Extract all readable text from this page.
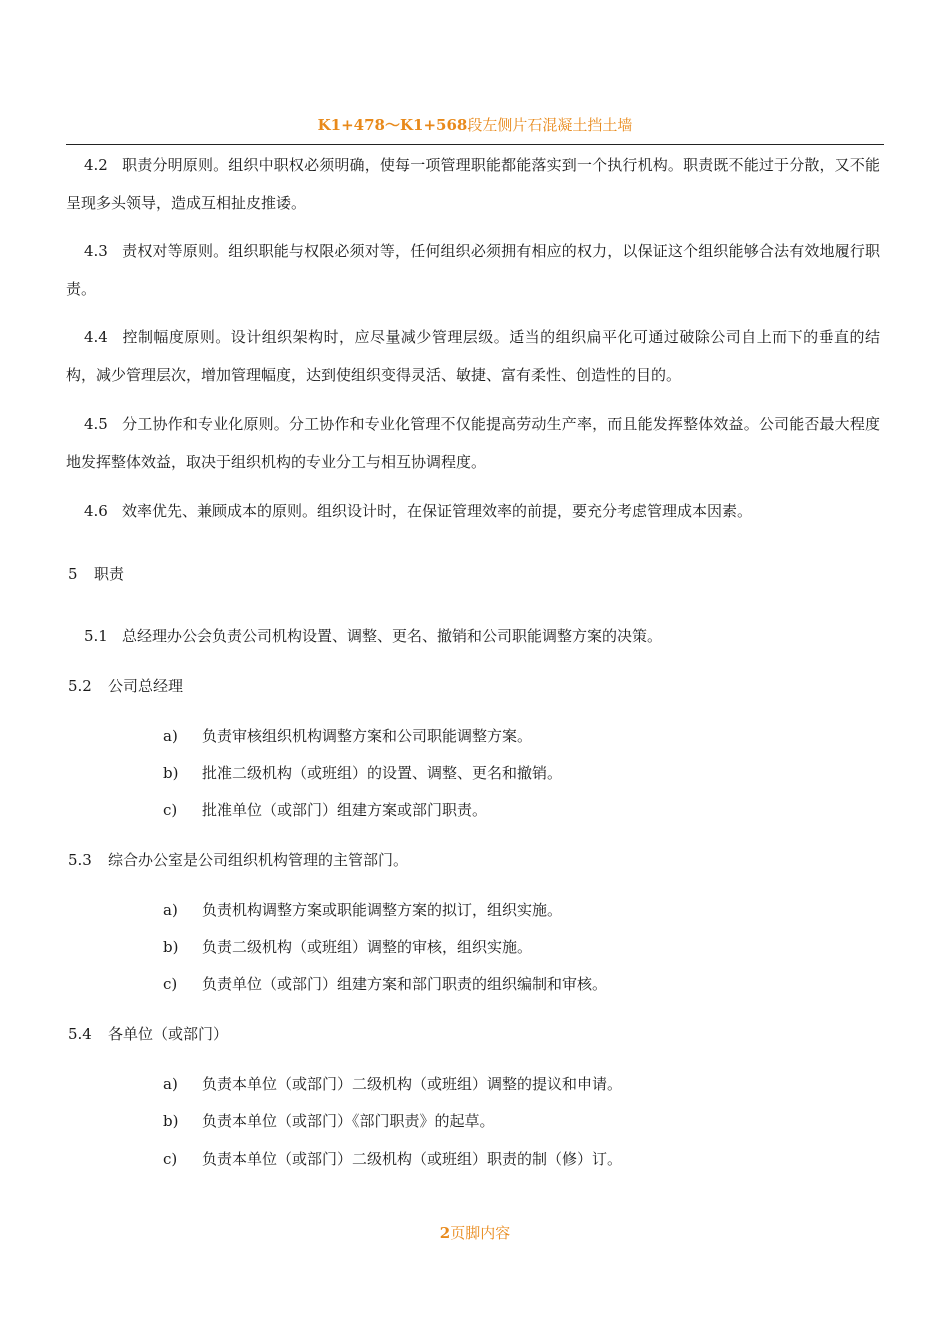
K1+478～K1+568段左侧片石混凝土挡土墙
4.2 职责分明原则。组织中职权必须明确，使每一项管理职能都能落实到一个执行机构。职责既不能过于分散，又不能呈现多头领导，造成互相扯皮推诿。
4.3 责权对等原则。组织职能与权限必须对等，任何组织必须拥有相应的权力，以保证这个组织能够合法有效地履行职责。
4.4 控制幅度原则。设计组织架构时，应尽量减少管理层级。适当的组织扁平化可通过破除公司自上而下的垂直的结构，减少管理层次，增加管理幅度，达到使组织变得灵活、敏捷、富有柔性、创造性的目的。
4.5 分工协作和专业化原则。分工协作和专业化管理不仅能提高劳动生产率，而且能发挥整体效益。公司能否最大程度地发挥整体效益，取决于组织机构的专业分工与相互协调程度。
4.6 效率优先、兼顾成本的原则。组织设计时，在保证管理效率的前提，要充分考虑管理成本因素。
5 职责
5.1 总经理办公会负责公司机构设置、调整、更名、撤销和公司职能调整方案的决策。
5.2 公司总经理
a) 负责审核组织机构调整方案和公司职能调整方案。
b) 批准二级机构（或班组）的设置、调整、更名和撤销。
c) 批准单位（或部门）组建方案或部门职责。
5.3 综合办公室是公司组织机构管理的主管部门。
a) 负责机构调整方案或职能调整方案的拟订，组织实施。
b) 负责二级机构（或班组）调整的审核，组织实施。
c) 负责单位（或部门）组建方案和部门职责的组织编制和审核。
5.4 各单位（或部门）
a) 负责本单位（或部门）二级机构（或班组）调整的提议和申请。
b) 负责本单位（或部门）《部门职责》的起草。
c) 负责本单位（或部门）二级机构（或班组）职责的制（修）订。
2页脚内容
